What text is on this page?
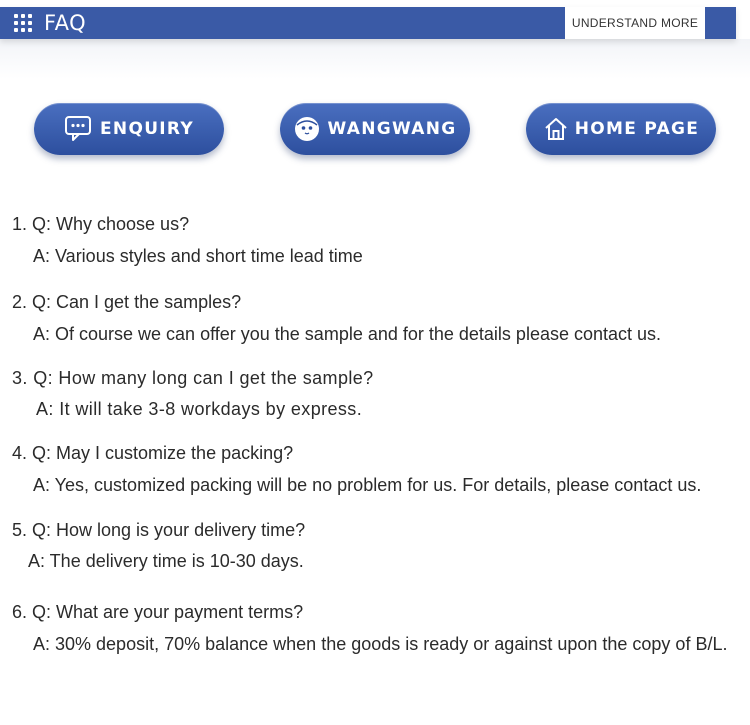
FAQ	UNDERSTAND MORE
ENQUIRY	WANGWANG	HOME PAGE
1. Q: Why choose us?
A: Various styles and short time lead time
2. Q: Can I get the samples?
A: Of course we can offer you the sample and for the details please contact us.
3. Q: How many long can I get the sample?
A: It will take 3-8 workdays by express.
4. Q: May I customize the packing?
A: Yes, customized packing will be no problem for us. For details, please contact us.
5. Q: How long is your delivery time?
A: The delivery time is 10-30 days.
6. Q: What are your payment terms?
A: 30% deposit, 70% balance when the goods is ready or against upon the copy of B/L.
